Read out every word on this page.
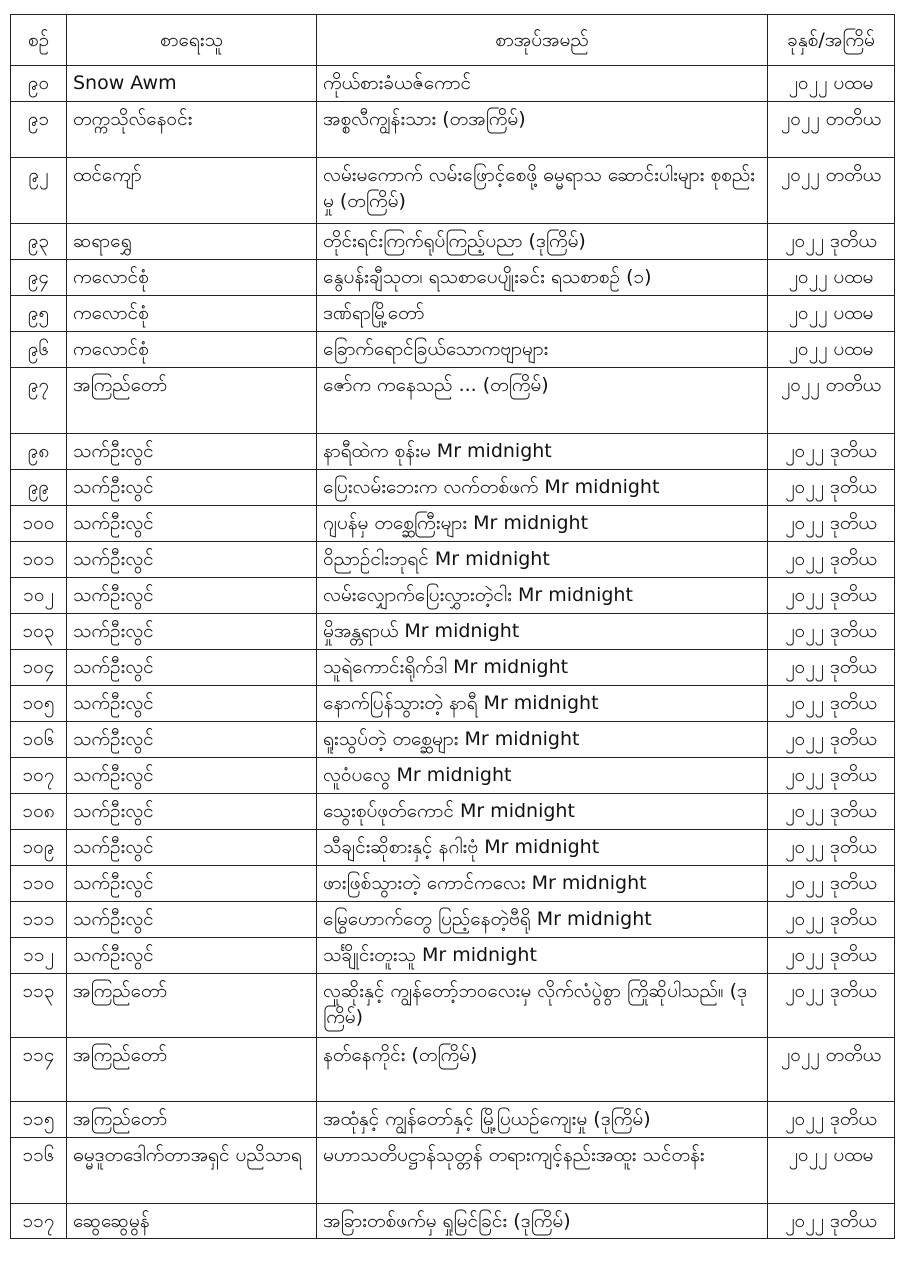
စဉ်	စာရေးသူ	စာအုပ်အမည်	ခုနှစ်/အကြိမ်
၉၀	Snow Awm	ကိုယ်စားခံယဇ်ကောင်	၂၀၂၂ ပထမ
၉၁	တက္ကသိုလ်နေဝင်း	အစ္စလီကျွန်းသား (တအကြိမ်)	၂၀၂၂ တတိယ
၉၂	ထင်ကျော်	လမ်းမကောက် လမ်းဖြောင့်စေဖို့ ဓမ္မရာသ ဆောင်းပါးများ စုစည်းမှု (တကြိမ်)	၂၀၂၂ တတိယ
၉၃	ဆရာရွှေ	တိုင်းရင်းကြက်ရုပ်ကြည့်ပညာ (ဒုကြိမ်)	၂၀၂၂ ဒုတိယ
၉၄	ကလောင်စုံ	နွေပန်းချီသုတ၊ ရသစာပေပျိုးခင်း ရသစာစဉ် (၁)	၂၀၂၂ ပထမ
၉၅	ကလောင်စုံ	ဒဏ်ရာမြို့တော်	၂၀၂၂ ပထမ
၉၆	ကလောင်စုံ	ခြောက်ရောင်ခြယ်သောကဗျာများ	၂၀၂၂ ပထမ
၉၇	အကြည်တော်	ဇော်က ကနေသည် ... (တကြိမ်)	၂၀၂၂ တတိယ
၉၈	သက်ဦးလွင်	နာရီထဲက စုန်းမ Mr midnight	၂၀၂၂ ဒုတိယ
၉၉	သက်ဦးလွင်	ပြေးလမ်းဘေးက လက်တစ်ဖက် Mr midnight	၂၀၂၂ ဒုတိယ
၁၀၀	သက်ဦးလွင်	ဂျပန်မှ တစ္ဆေကြီးများ Mr midnight	၂၀၂၂ ဒုတိယ
၁၀၁	သက်ဦးလွင်	ဝိညာဉ်ငါးဘုရင် Mr midnight	၂၀၂၂ ဒုတိယ
၁၀၂	သက်ဦးလွင်	လမ်းလျှောက်ပြေးလွှားတဲ့ငါး Mr midnight	၂၀၂၂ ဒုတိယ
၁၀၃	သက်ဦးလွင်	မှိုအန္တရာယ် Mr midnight	၂၀၂၂ ဒုတိယ
၁၀၄	သက်ဦးလွင်	သူရဲကောင်းရိုက်ဒါ Mr midnight	၂၀၂၂ ဒုတိယ
၁၀၅	သက်ဦးလွင်	နောက်ပြန်သွားတဲ့ နာရီ Mr midnight	၂၀၂၂ ဒုတိယ
၁၀၆	သက်ဦးလွင်	ရူးသွပ်တဲ့ တစ္ဆေများ Mr midnight	၂၀၂၂ ဒုတိယ
၁၀၇	သက်ဦးလွင်	လူဝံပလွေ Mr midnight	၂၀၂၂ ဒုတိယ
၁၀၈	သက်ဦးလွင်	သွေးစုပ်ဖုတ်ကောင် Mr midnight	၂၀၂၂ ဒုတိယ
၁၀၉	သက်ဦးလွင်	သီချင်းဆိုစားနှင့် နဂါးဗုံ Mr midnight	၂၀၂၂ ဒုတိယ
၁၁၀	သက်ဦးလွင်	ဖားဖြစ်သွားတဲ့ ကောင်ကလေး Mr midnight	၂၀၂၂ ဒုတိယ
၁၁၁	သက်ဦးလွင်	မြွေဟောက်တွေ ပြည့်နေတဲ့ဗီရို Mr midnight	၂၀၂၂ ဒုတိယ
၁၁၂	သက်ဦးလွင်	သင်္ချိုင်းတူးသူ Mr midnight	၂၀၂၂ ဒုတိယ
၁၁၃	အကြည်တော်	လူဆိုးနှင့် ကျွန်တော့်ဘဝလေးမှ လိုက်လံပွဲစွာ ကြိုဆိုပါသည်။ (ဒုကြိမ်)	၂၀၂၂ ဒုတိယ
၁၁၄	အကြည်တော်	နတ်နေကိုင်း (တကြိမ်)	၂၀၂၂ တတိယ
၁၁၅	အကြည်တော်	အထုံနှင့် ကျွန်တော်နှင့် မြို့ပြယဉ်ကျေးမှု (ဒုကြိမ်)	၂၀၂၂ ဒုတိယ
၁၁၆	ဓမ္မဒူတဒေါက်တာအရှင် ပညိသာရ	မဟာသတိပဋ္ဌာန်သုတ္တန် တရားကျင့်နည်းအထူး သင်တန်း	၂၀၂၂ ပထမ
၁၁၇	ဆွေဆွေမွန်	အခြားတစ်ဖက်မှ ရှုမြင်ခြင်း (ဒုကြိမ်)	၂၀၂၂ ဒုတိယ
